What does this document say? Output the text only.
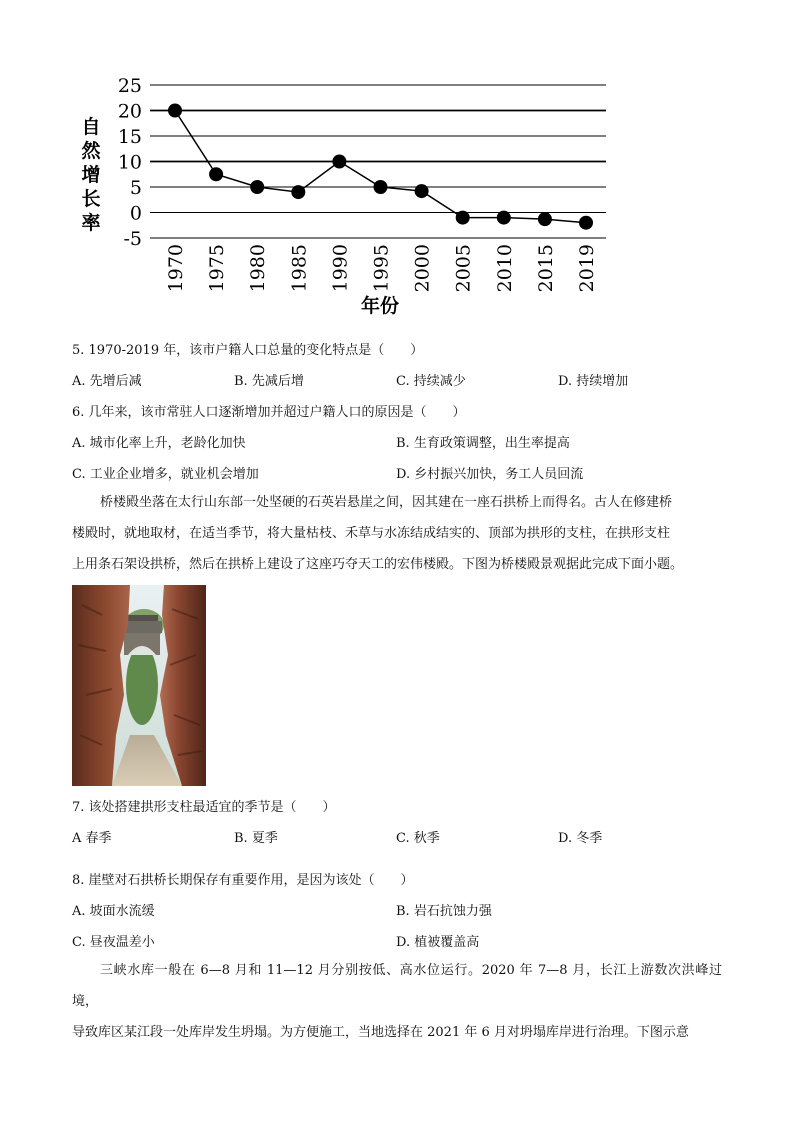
25
20
15
10
5
0
-5
1970 1975 1980 1985 1990 1995 2000 2005 2010 2015 2019
自
然
增
长
率
年份
5. 1970-2019 年，该市户籍人口总量的变化特点是（　　）
A. 先增后减	B. 先减后增	C. 持续减少	D. 持续增加
6. 几年来，该市常驻人口逐渐增加并超过户籍人口的原因是（　　）
A. 城市化率上升，老龄化加快	B. 生育政策调整，出生率提高
C. 工业企业增多，就业机会增加	D. 乡村振兴加快，务工人员回流
桥楼殿坐落在太行山东部一处坚硬的石英岩悬崖之间，因其建在一座石拱桥上而得名。古人在修建桥
楼殿时，就地取材，在适当季节，将大量枯枝、禾草与水冻结成结实的、顶部为拱形的支柱，在拱形支柱
上用条石架设拱桥，然后在拱桥上建设了这座巧夺天工的宏伟楼殿。下图为桥楼殿景观据此完成下面小题。
7. 该处搭建拱形支柱最适宜的季节是（　　）
A 春季	B. 夏季	C. 秋季	D. 冬季
8. 崖壁对石拱桥长期保存有重要作用，是因为该处（　　）
A. 坡面水流缓	B. 岩石抗蚀力强
C. 昼夜温差小	D. 植被覆盖高
三峡水库一般在 6—8 月和 11—12 月分别按低、高水位运行。2020 年 7—8 月，长江上游数次洪峰过境，
导致库区某江段一处库岸发生坍塌。为方便施工，当地选择在 2021 年 6 月对坍塌库岸进行治理。下图示意
